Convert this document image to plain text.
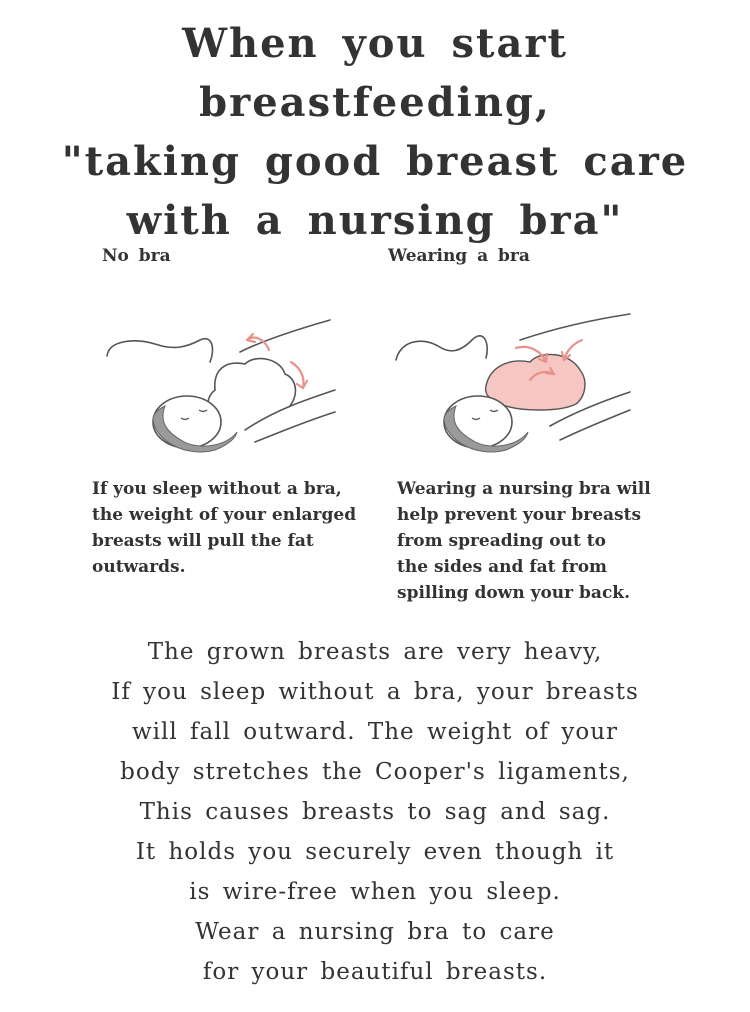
When you start breastfeeding,
"taking good breast care
with a nursing bra"
No bra	Wearing a bra
If you sleep without a bra,
the weight of your enlarged
breasts will pull the fat
outwards.
Wearing a nursing bra will
help prevent your breasts
from spreading out to
the sides and fat from
spilling down your back.
The grown breasts are very heavy,
If you sleep without a bra, your breasts
will fall outward. The weight of your
body stretches the Cooper's ligaments,
This causes breasts to sag and sag.
It holds you securely even though it
is wire-free when you sleep.
Wear a nursing bra to care
for your beautiful breasts.
